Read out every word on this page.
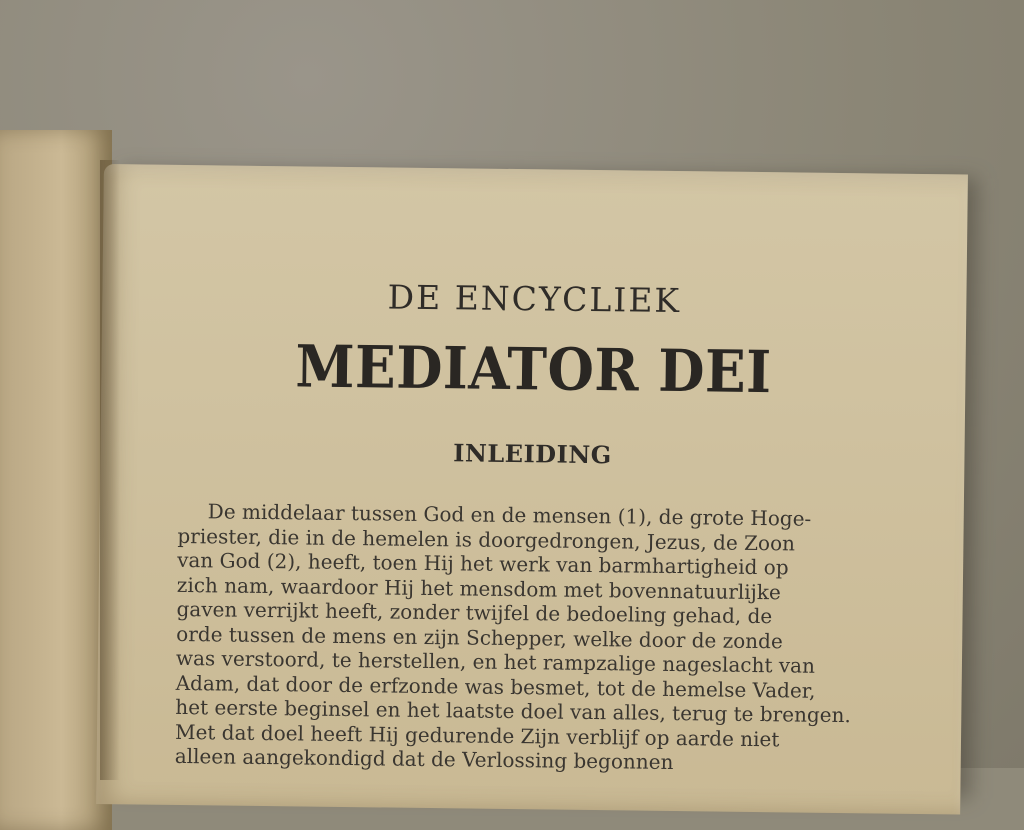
DE ENCYCLIEK
MEDIATOR DEI
INLEIDING
De middelaar tussen God en de mensen (1), de grote Hoge-
priester, die in de hemelen is doorgedrongen, Jezus, de Zoon
van God (2), heeft, toen Hij het werk van barmhartigheid op
zich nam, waardoor Hij het mensdom met bovennatuurlijke
gaven verrijkt heeft, zonder twijfel de bedoeling gehad, de
orde tussen de mens en zijn Schepper, welke door de zonde
was verstoord, te herstellen, en het rampzalige nageslacht van
Adam, dat door de erfzonde was besmet, tot de hemelse Vader,
het eerste beginsel en het laatste doel van alles, terug te brengen.
Met dat doel heeft Hij gedurende Zijn verblijf op aarde niet
alleen aangekondigd dat de Verlossing begonnen
